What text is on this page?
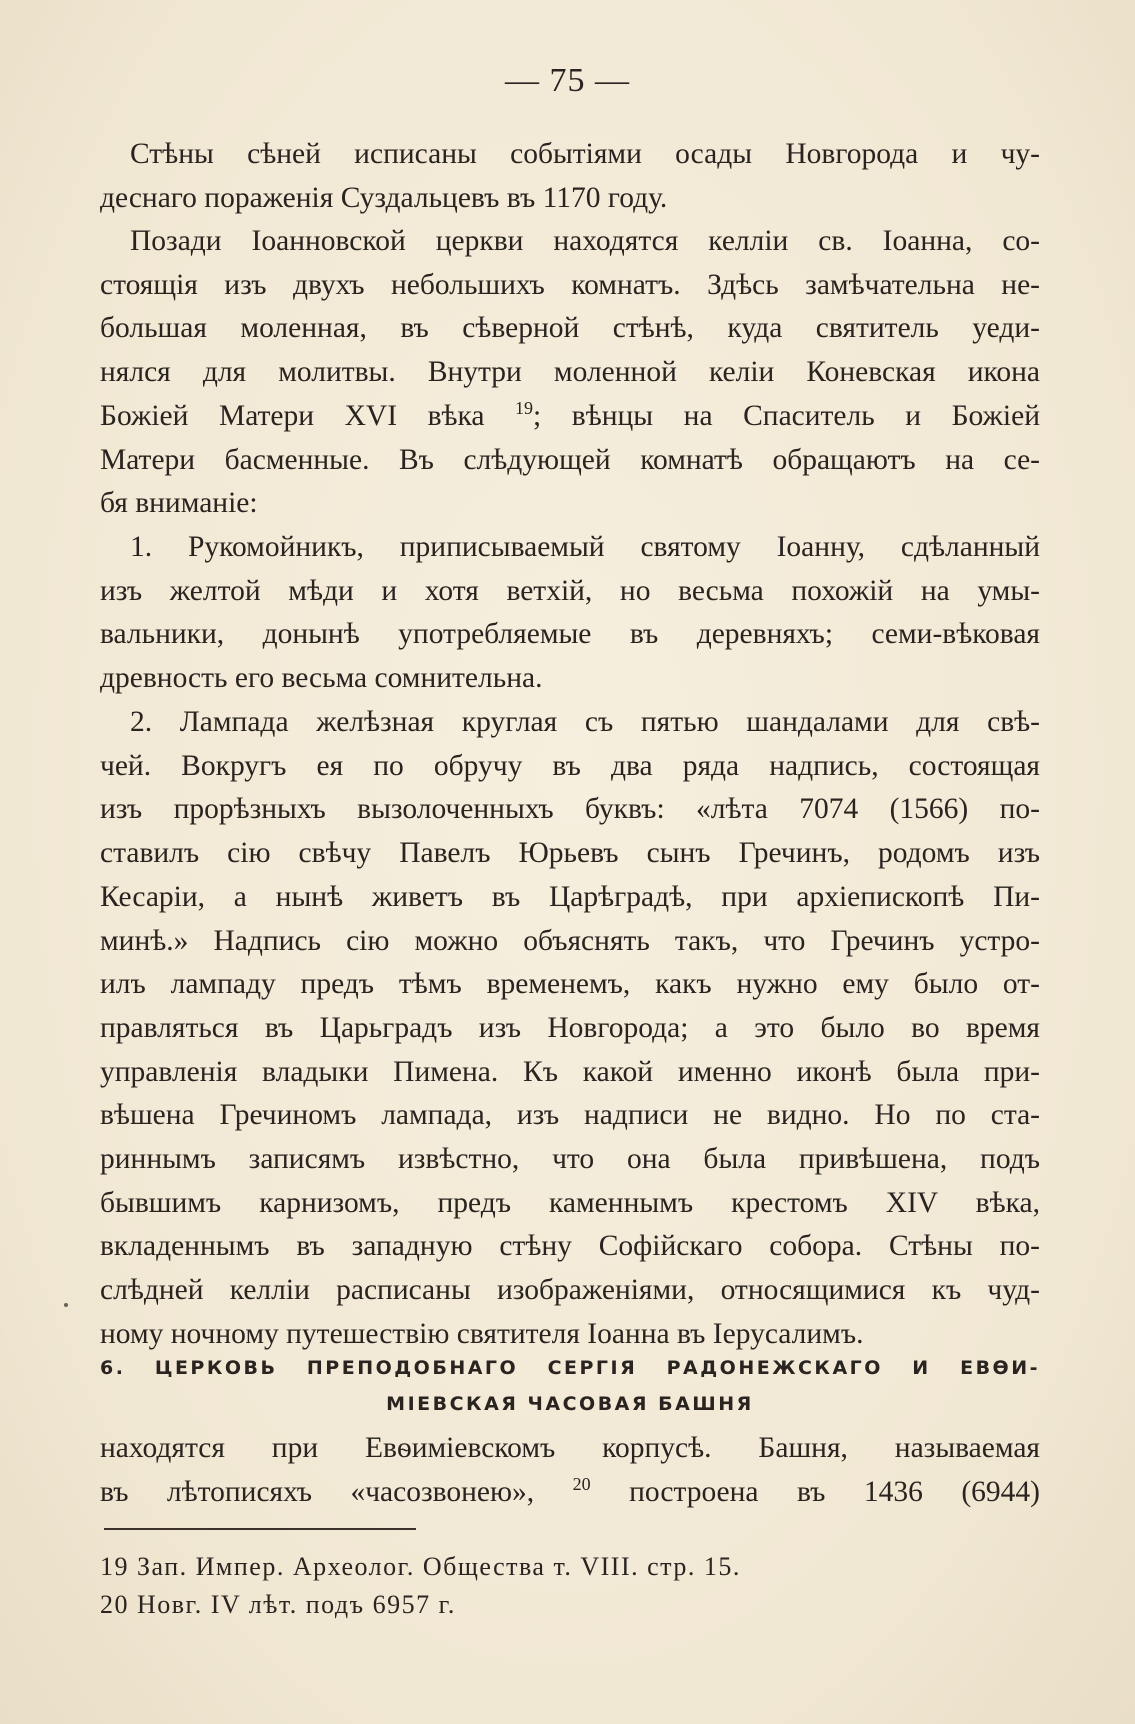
— 75 —
Стѣны сѣней исписаны событіями осады Новгорода и чу-
деснаго пораженія Суздальцевъ въ 1170 году.
Позади Іоанновской церкви находятся келліи св. Іоанна, со-
стоящія изъ двухъ небольшихъ комнатъ. Здѣсь замѣчательна не-
большая моленная, въ сѣверной стѣнѣ, куда святитель уеди-
нялся для молитвы. Внутри моленной келіи Коневская икона
Божіей Матери XVI вѣка $^{19}$; вѣнцы на Спаситель и Божіей
Матери басменные. Въ слѣдующей комнатѣ обращаютъ на се-
бя вниманіе:
1. Рукомойникъ, приписываемый святому Іоанну, сдѣланный
изъ желтой мѣди и хотя ветхій, но весьма похожій на умы-
вальники, донынѣ употребляемые въ деревняхъ; семи-вѣковая
древность его весьма сомнительна.
2. Лампада желѣзная круглая съ пятью шандалами для свѣ-
чей. Вокругъ ея по обручу въ два ряда надпись, состоящая
изъ прорѣзныхъ вызолоченныхъ буквъ: «лѣта 7074 (1566) по-
ставилъ сію свѣчу Павелъ Юрьевъ сынъ Гречинъ, родомъ изъ
Кесаріи, а нынѣ живетъ въ Царѣградѣ, при архіепископѣ Пи-
минѣ.» Надпись сію можно объяснять такъ, что Гречинъ устро-
илъ лампаду предъ тѣмъ временемъ, какъ нужно ему было от-
правляться въ Царьградъ изъ Новгорода; а это было во время
управленія владыки Пимена. Къ какой именно иконѣ была при-
вѣшена Гречиномъ лампада, изъ надписи не видно. Но по ста-
риннымъ записямъ извѣстно, что она была привѣшена, подъ
бывшимъ карнизомъ, предъ каменнымъ крестомъ XIV вѣка,
вкладеннымъ въ западную стѣну Софійскаго собора. Стѣны по-
слѣдней келліи расписаны изображеніями, относящимися къ чуд-
ному ночному путешествію святителя Іоанна въ Іерусалимъ.
6. ЦЕРКОВЬ ПРЕПОДОБНАГО СЕРГІЯ РАДОНЕЖСКАГО И ЕВѲИ-
МІЕВСКАЯ ЧАСОВАЯ БАШНЯ
находятся при Евѳиміевскомъ корпусѣ. Башня, называемая
въ лѣтописяхъ «часозвонею», $^{20}$ построена въ 1436 (6944)
19 Зап. Импер. Археолог. Общества т. VIII. стр. 15.
20 Новг. IV лѣт. подъ 6957 г.
